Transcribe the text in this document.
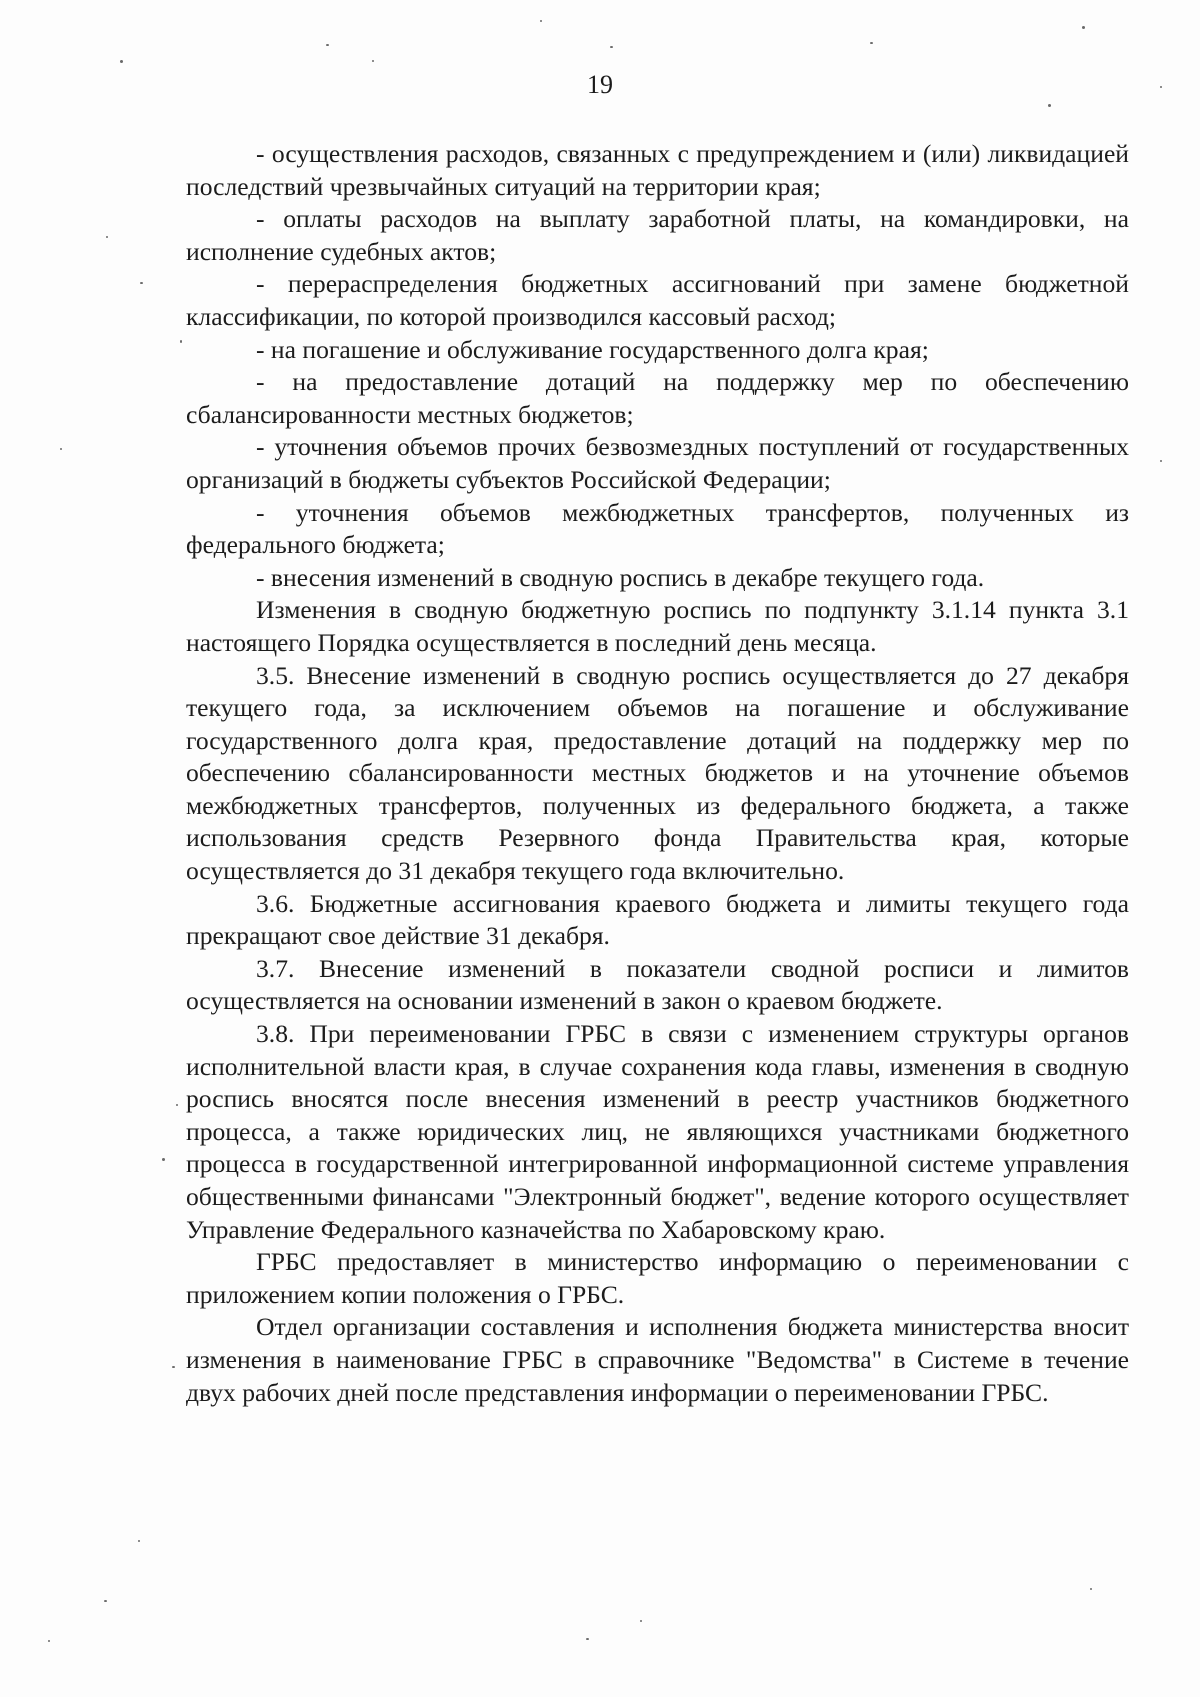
19

- осуществления расходов, связанных с предупреждением и (или) ликвидацией последствий чрезвычайных ситуаций на территории края;

- оплаты расходов на выплату заработной платы, на командировки, на исполнение судебных актов;

- перераспределения бюджетных ассигнований при замене бюджетной классификации, по которой производился кассовый расход;

- на погашение и обслуживание государственного долга края;

- на предоставление дотаций на поддержку мер по обеспечению сбалансированности местных бюджетов;

- уточнения объемов прочих безвозмездных поступлений от государственных организаций в бюджеты субъектов Российской Федерации;

- уточнения объемов межбюджетных трансфертов, полученных из федерального бюджета;

- внесения изменений в сводную роспись в декабре текущего года.

Изменения в сводную бюджетную роспись по подпункту 3.1.14 пункта 3.1 настоящего Порядка осуществляется в последний день месяца.

3.5. Внесение изменений в сводную роспись осуществляется до 27 декабря текущего года, за исключением объемов на погашение и обслуживание государственного долга края, предоставление дотаций на поддержку мер по обеспечению сбалансированности местных бюджетов и на уточнение объемов межбюджетных трансфертов, полученных из федерального бюджета, а также использования средств Резервного фонда Правительства края, которые осуществляется до 31 декабря текущего года включительно.

3.6. Бюджетные ассигнования краевого бюджета и лимиты текущего года прекращают свое действие 31 декабря.

3.7. Внесение изменений в показатели сводной росписи и лимитов осуществляется на основании изменений в закон о краевом бюджете.

3.8. При переименовании ГРБС в связи с изменением структуры органов исполнительной власти края, в случае сохранения кода главы, изменения в сводную роспись вносятся после внесения изменений в реестр участников бюджетного процесса, а также юридических лиц, не являющихся участниками бюджетного процесса в государственной интегрированной информационной системе управления общественными финансами "Электронный бюджет", ведение которого осуществляет Управление Федерального казначейства по Хабаровскому краю.

ГРБС предоставляет в министерство информацию о переименовании с приложением копии положения о ГРБС.

Отдел организации составления и исполнения бюджета министерства вносит изменения в наименование ГРБС в справочнике "Ведомства" в Системе в течение двух рабочих дней после представления информации о переименовании ГРБС.
